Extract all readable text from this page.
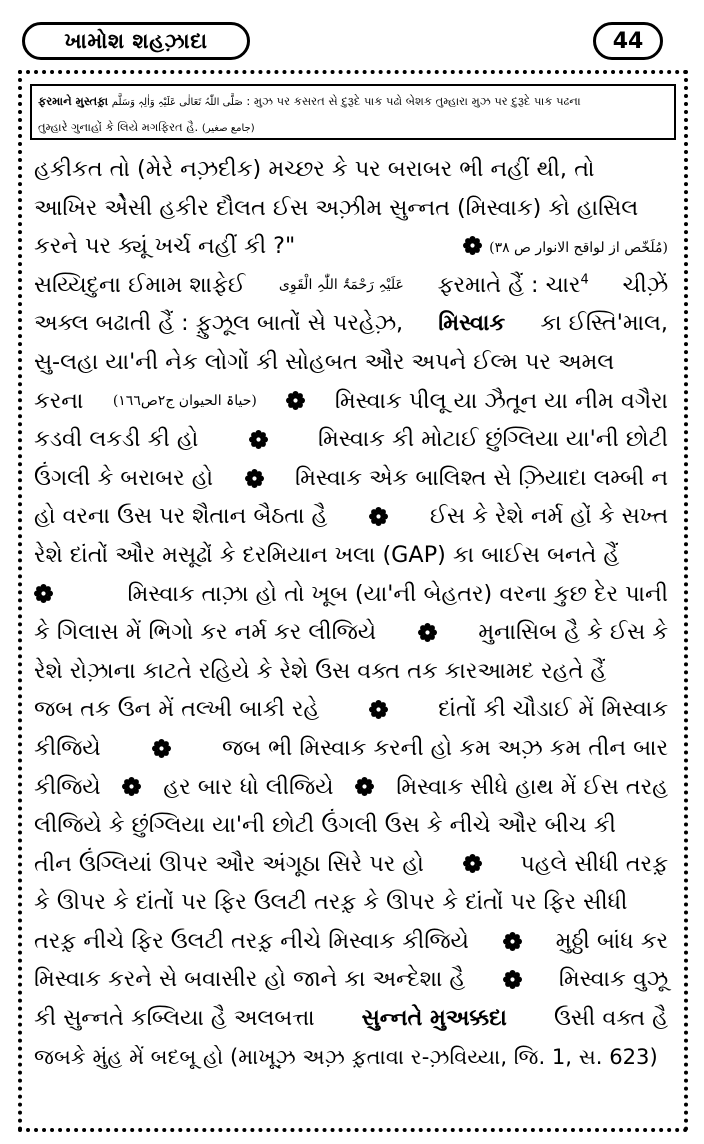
ખામોશ શહઝ઼ાદા	44
ફરમાને મુસ્તફ઼ા صَلَّی اللّٰہُ تَعَالٰی عَلَیْہِ وَاٰلِہٖ وَسَلَّم : મુઝ પર કસરત સે દુરૂદે પાક પઢો બેશક તુમ્હારા મુઝ પર દુરૂદે પાક પઢના
તુમ્હારે ગુનાહોં કે લિયે મગફિરત હૈ. (جامع صغیر)
હકીકત તો (મેરે નઝ઼દીક) મચ્છર કે પર બરાબર ભી નહીં થી, તો
આખિર એેસી હકીર દૌલત ઈસ અઝ઼ીમ સુન્નત (મિસ્વાક) કો હાસિલ
કરને પર ક્યૂં ખર્ચ નહીં કી ?"	(مُلَخّص از لواقح الانوار ص ۳۸)
સય્યિદુના ઈમામ શાફેઈ عَلَیْہِ رَحْمَۃُ اللّٰہِ الْقَوِی ફરમાતે હૈં : ચાર$^4$ ચીઝ઼ેં
અક્લ બઢાતી હૈં : ફ઼ુઝૂલ બાતોં સે પરહેઝ઼, મિસ્વાક કા ઈસ્તિ'માલ,
સુ-લહા યા'ની નેક લોગોં કી સોહબત ઔર અપને ઈલ્મ પર અમલ
કરના (حیاۃ الحیوان ج۲ص۱٦٦)	મિસ્વાક પીલૂ યા ઝૈતૂન યા નીમ વગૈરા
કડવી લકડી કી હો	મિસ્વાક કી મોટાઈ છુંગ્લિયા યા'ની છોટી
ઉંગલી કે બરાબર હો	મિસ્વાક એક બાલિશ્ત સે ઝ઼િયાદા લમ્બી ન
હો વરના ઉસ પર શૈતાન બૈઠતા હૈ	ઈસ કે રેશે નર્મ હોં કે સખ્ત
રેશે દાંતોં ઔર મસૂઢોં કે દરમિયાન ખલા (GAP) કા બાઈસ બનતે હૈં
મિસ્વાક તાઝ઼ા હો તો ખૂબ (યા'ની બેહતર) વરના કુછ દેર પાની
કે ગિલાસ મેં ભિગો કર નર્મ કર લીજિયે	મુનાસિબ હૈ કે ઈસ કે
રેશે રોઝ઼ાના કાટતે રહિયે કે રેશે ઉસ વક્ત તક કારઆમદ રહતે હૈં
જબ તક ઉન મેં તલ્ખી બાકી રહે	દાંતોં કી ચૌડાઈ મેં મિસ્વાક
કીજિયે	જબ ભી મિસ્વાક કરની હો કમ અઝ઼ કમ તીન બાર
કીજિયે	હર બાર ધો લીજિયે	મિસ્વાક સીધે હાથ મેં ઈસ તરહ
લીજિયે કે છુંગ્લિયા યા'ની છોટી ઉંગલી ઉસ કે નીચે ઔર બીચ કી
તીન ઉંગ્લિયાં ઊપર ઔર અંગૂઠા સિરે પર હો	પહલે સીધી તરફ઼
કે ઊપર કે દાંતોં પર ફિર ઉલટી તરફ઼ કે ઊપર કે દાંતોં પર ફિર સીધી
તરફ઼ નીચે ફિર ઉલટી તરફ઼ નીચે મિસ્વાક કીજિયે	મુઠ્ઠી બાંધ કર
મિસ્વાક કરને સે બવાસીર હો જાને કા અન્દેશા હૈ	મિસ્વાક વુઝૂ
કી સુન્નતે કબ્લિયા હૈ અલબત્તા સુન્નતે મુઅક્કદા ઉસી વક્ત હૈ
જબકે મુંહ મેં બદબૂ હો (માખૂઝ઼ અઝ઼ ફ઼તાવા ર-ઝ઼વિય્યા, જિ. 1, સ. 623)
